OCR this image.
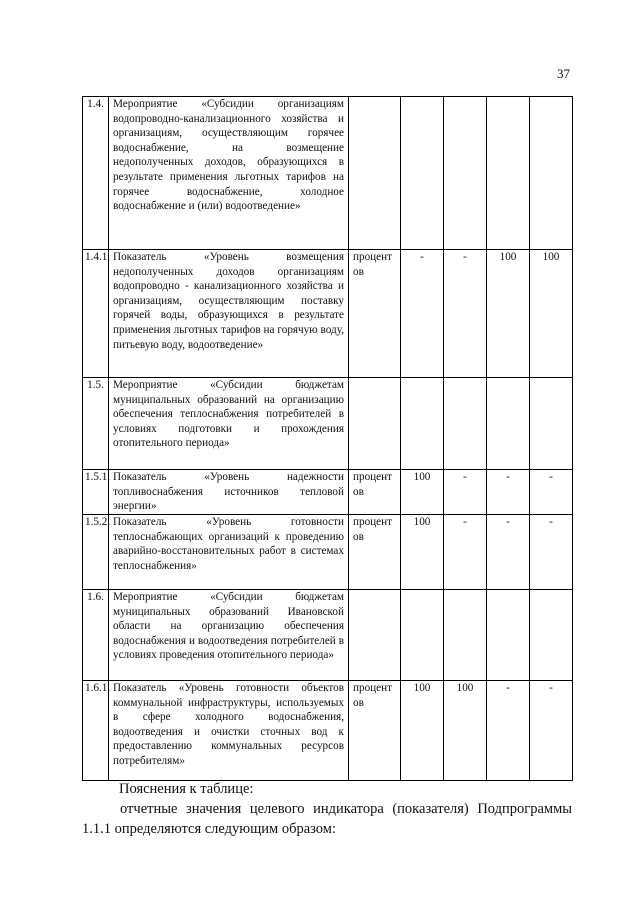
37
1.4.	Мероприятие «Субсидии организациям водопроводно-канализационного хозяйства и организациям, осуществляющим горячее водоснабжение, на возмещение недополученных доходов, образующихся в результате применения льготных тарифов на горячее водоснабжение, холодное водоснабжение и (или) водоотведение»					
1.4.1.	Показатель «Уровень возмещения недополученных доходов организациям водопроводно - канализационного хозяйства и организациям, осуществляющим поставку горячей воды, образующихся в результате применения льготных тарифов на горячую воду, питьевую воду, водоотведение»	процент ов	-	-	100	100
1.5.	Мероприятие «Субсидии бюджетам муниципальных образований на организацию обеспечения теплоснабжения потребителей в условиях подготовки и прохождения отопительного периода»					
1.5.1.	Показатель «Уровень надежности топливоснабжения источников тепловой энергии»	процент ов	100	-	-	-
1.5.2.	Показатель «Уровень готовности теплоснабжающих организаций к проведению аварийно-восстановительных работ в системах теплоснабжения»	процент ов	100	-	-	-
1.6.	Мероприятие «Субсидии бюджетам муниципальных образований Ивановской области на организацию обеспечения водоснабжения и водоотведения потребителей в условиях проведения отопительного периода»					
1.6.1.	Показатель «Уровень готовности объектов коммунальной инфраструктуры, используемых в сфере холодного водоснабжения, водоотведения и очистки сточных вод к предоставлению коммунальных ресурсов потребителям»	процент ов	100	100	-	-
Пояснения к таблице:
отчетные значения целевого индикатора (показателя) Подпрограммы 1.1.1 определяются следующим образом:
